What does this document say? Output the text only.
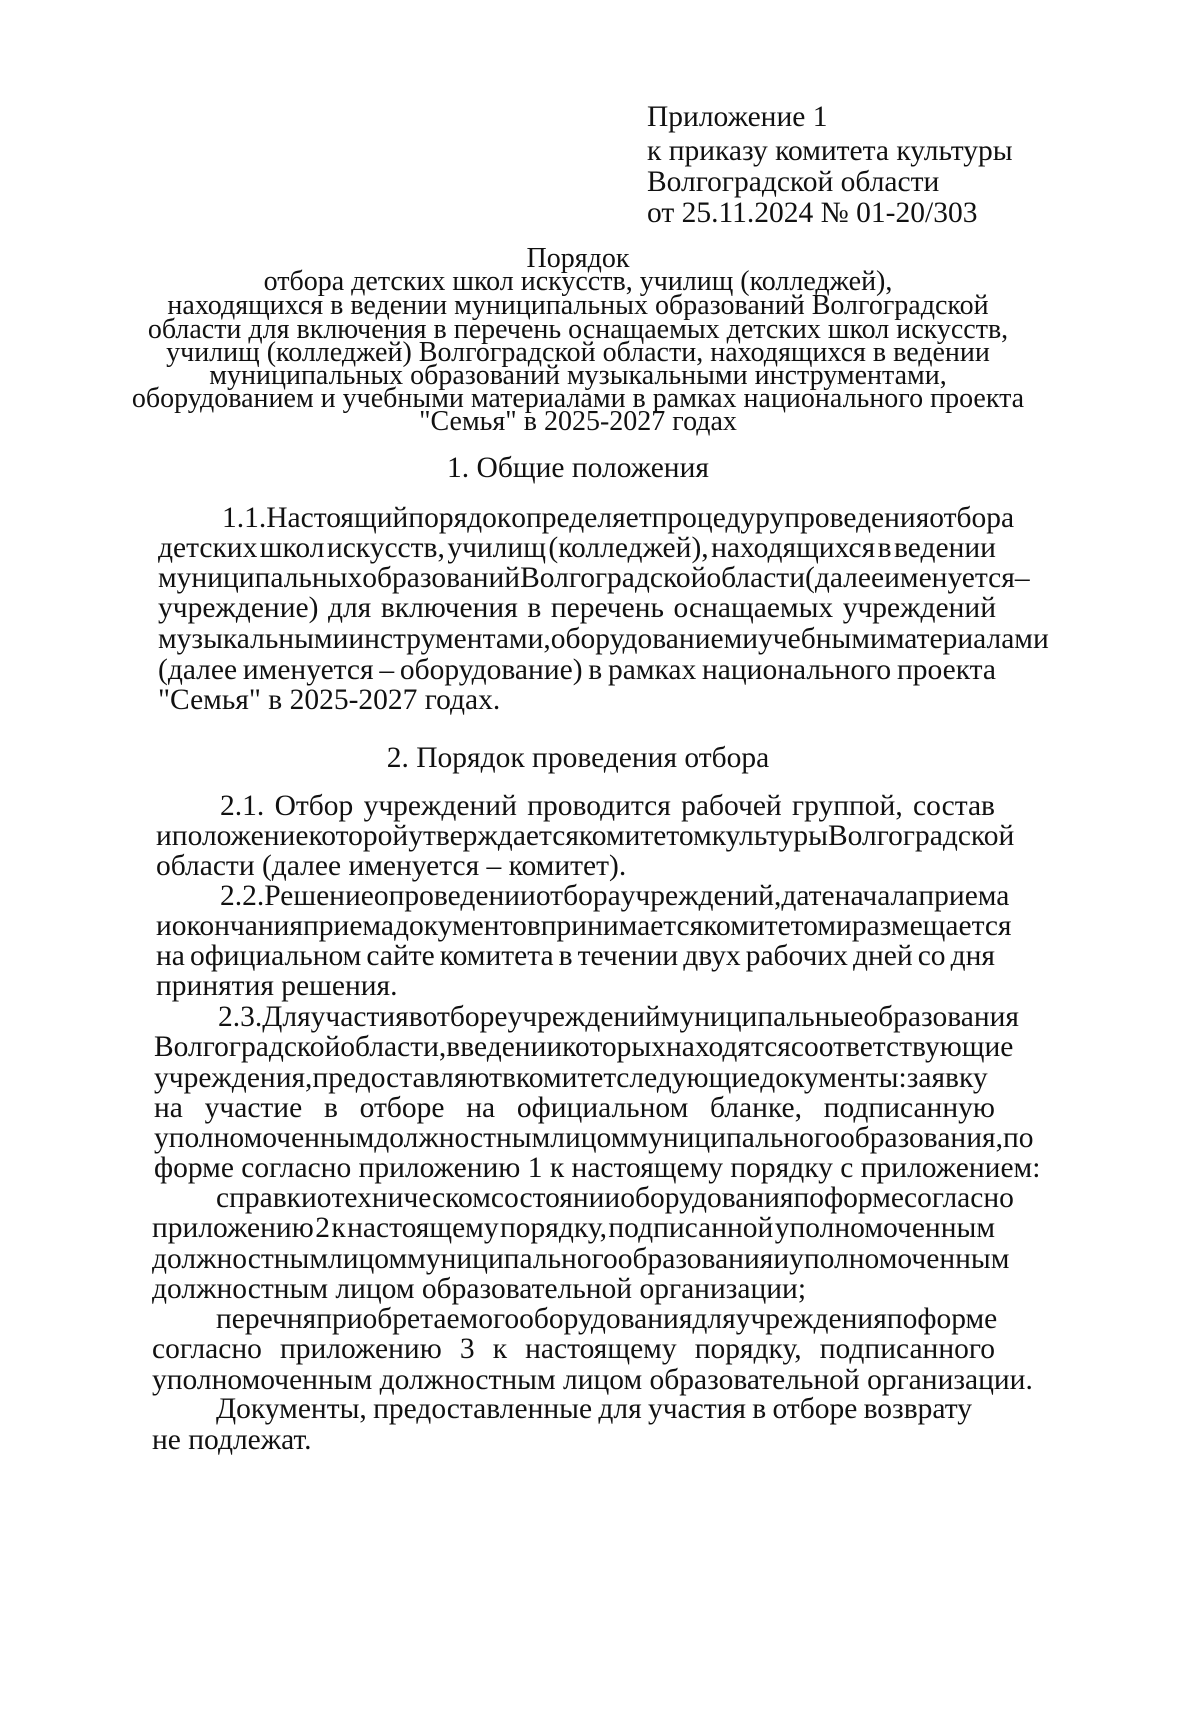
Приложение 1

к приказу комитета культуры

Волгоградской области

от 25.11.2024 № 01-20/303

Порядок

отбора детских школ искусств, училищ (колледжей),

находящихся в ведении муниципальных образований Волгоградской

области для включения в перечень оснащаемых детских школ искусств,

училищ (колледжей) Волгоградской области, находящихся в ведении

муниципальных образований музыкальными инструментами,

оборудованием и учебными материалами в рамках национального проекта

"Семья" в 2025-2027 годах

1. Общие положения

1.1. Настоящий порядок определяет процедуру проведения отбора

детских школ искусств, училищ (колледжей), находящихся в ведении

муниципальных образований Волгоградской области (далее именуется –

учреждение) для включения в перечень оснащаемых учреждений

музыкальными инструментами, оборудованием и учебными материалами

(далее именуется – оборудование) в рамках национального проекта

"Семья" в 2025-2027 годах.

2. Порядок проведения отбора

2.1. Отбор учреждений проводится рабочей группой, состав

и положение которой утверждается комитетом культуры Волгоградской

области (далее именуется – комитет).

2.2. Решение о проведении отбора учреждений, дате начала приема

и окончания приема документов принимается комитетом и размещается

на официальном сайте комитета в течении двух рабочих дней со дня

принятия решения.

2.3. Для участия в отборе учреждений муниципальные образования

Волгоградской области, в ведении которых находятся соответствующие

учреждения, предоставляют в комитет следующие документы: заявку

на участие в отборе на официальном бланке, подписанную

уполномоченным должностным лицом муниципального образования, по

форме согласно приложению 1 к настоящему порядку с приложением:

справки о техническом состоянии оборудования по форме согласно

приложению 2 к настоящему порядку, подписанной уполномоченным

должностным лицом муниципального образования и уполномоченным

должностным лицом образовательной организации;

перечня приобретаемого оборудования для учреждения по форме

согласно приложению 3 к настоящему порядку, подписанного

уполномоченным должностным лицом образовательной организации.

Документы, предоставленные для участия в отборе возврату

не подлежат.
